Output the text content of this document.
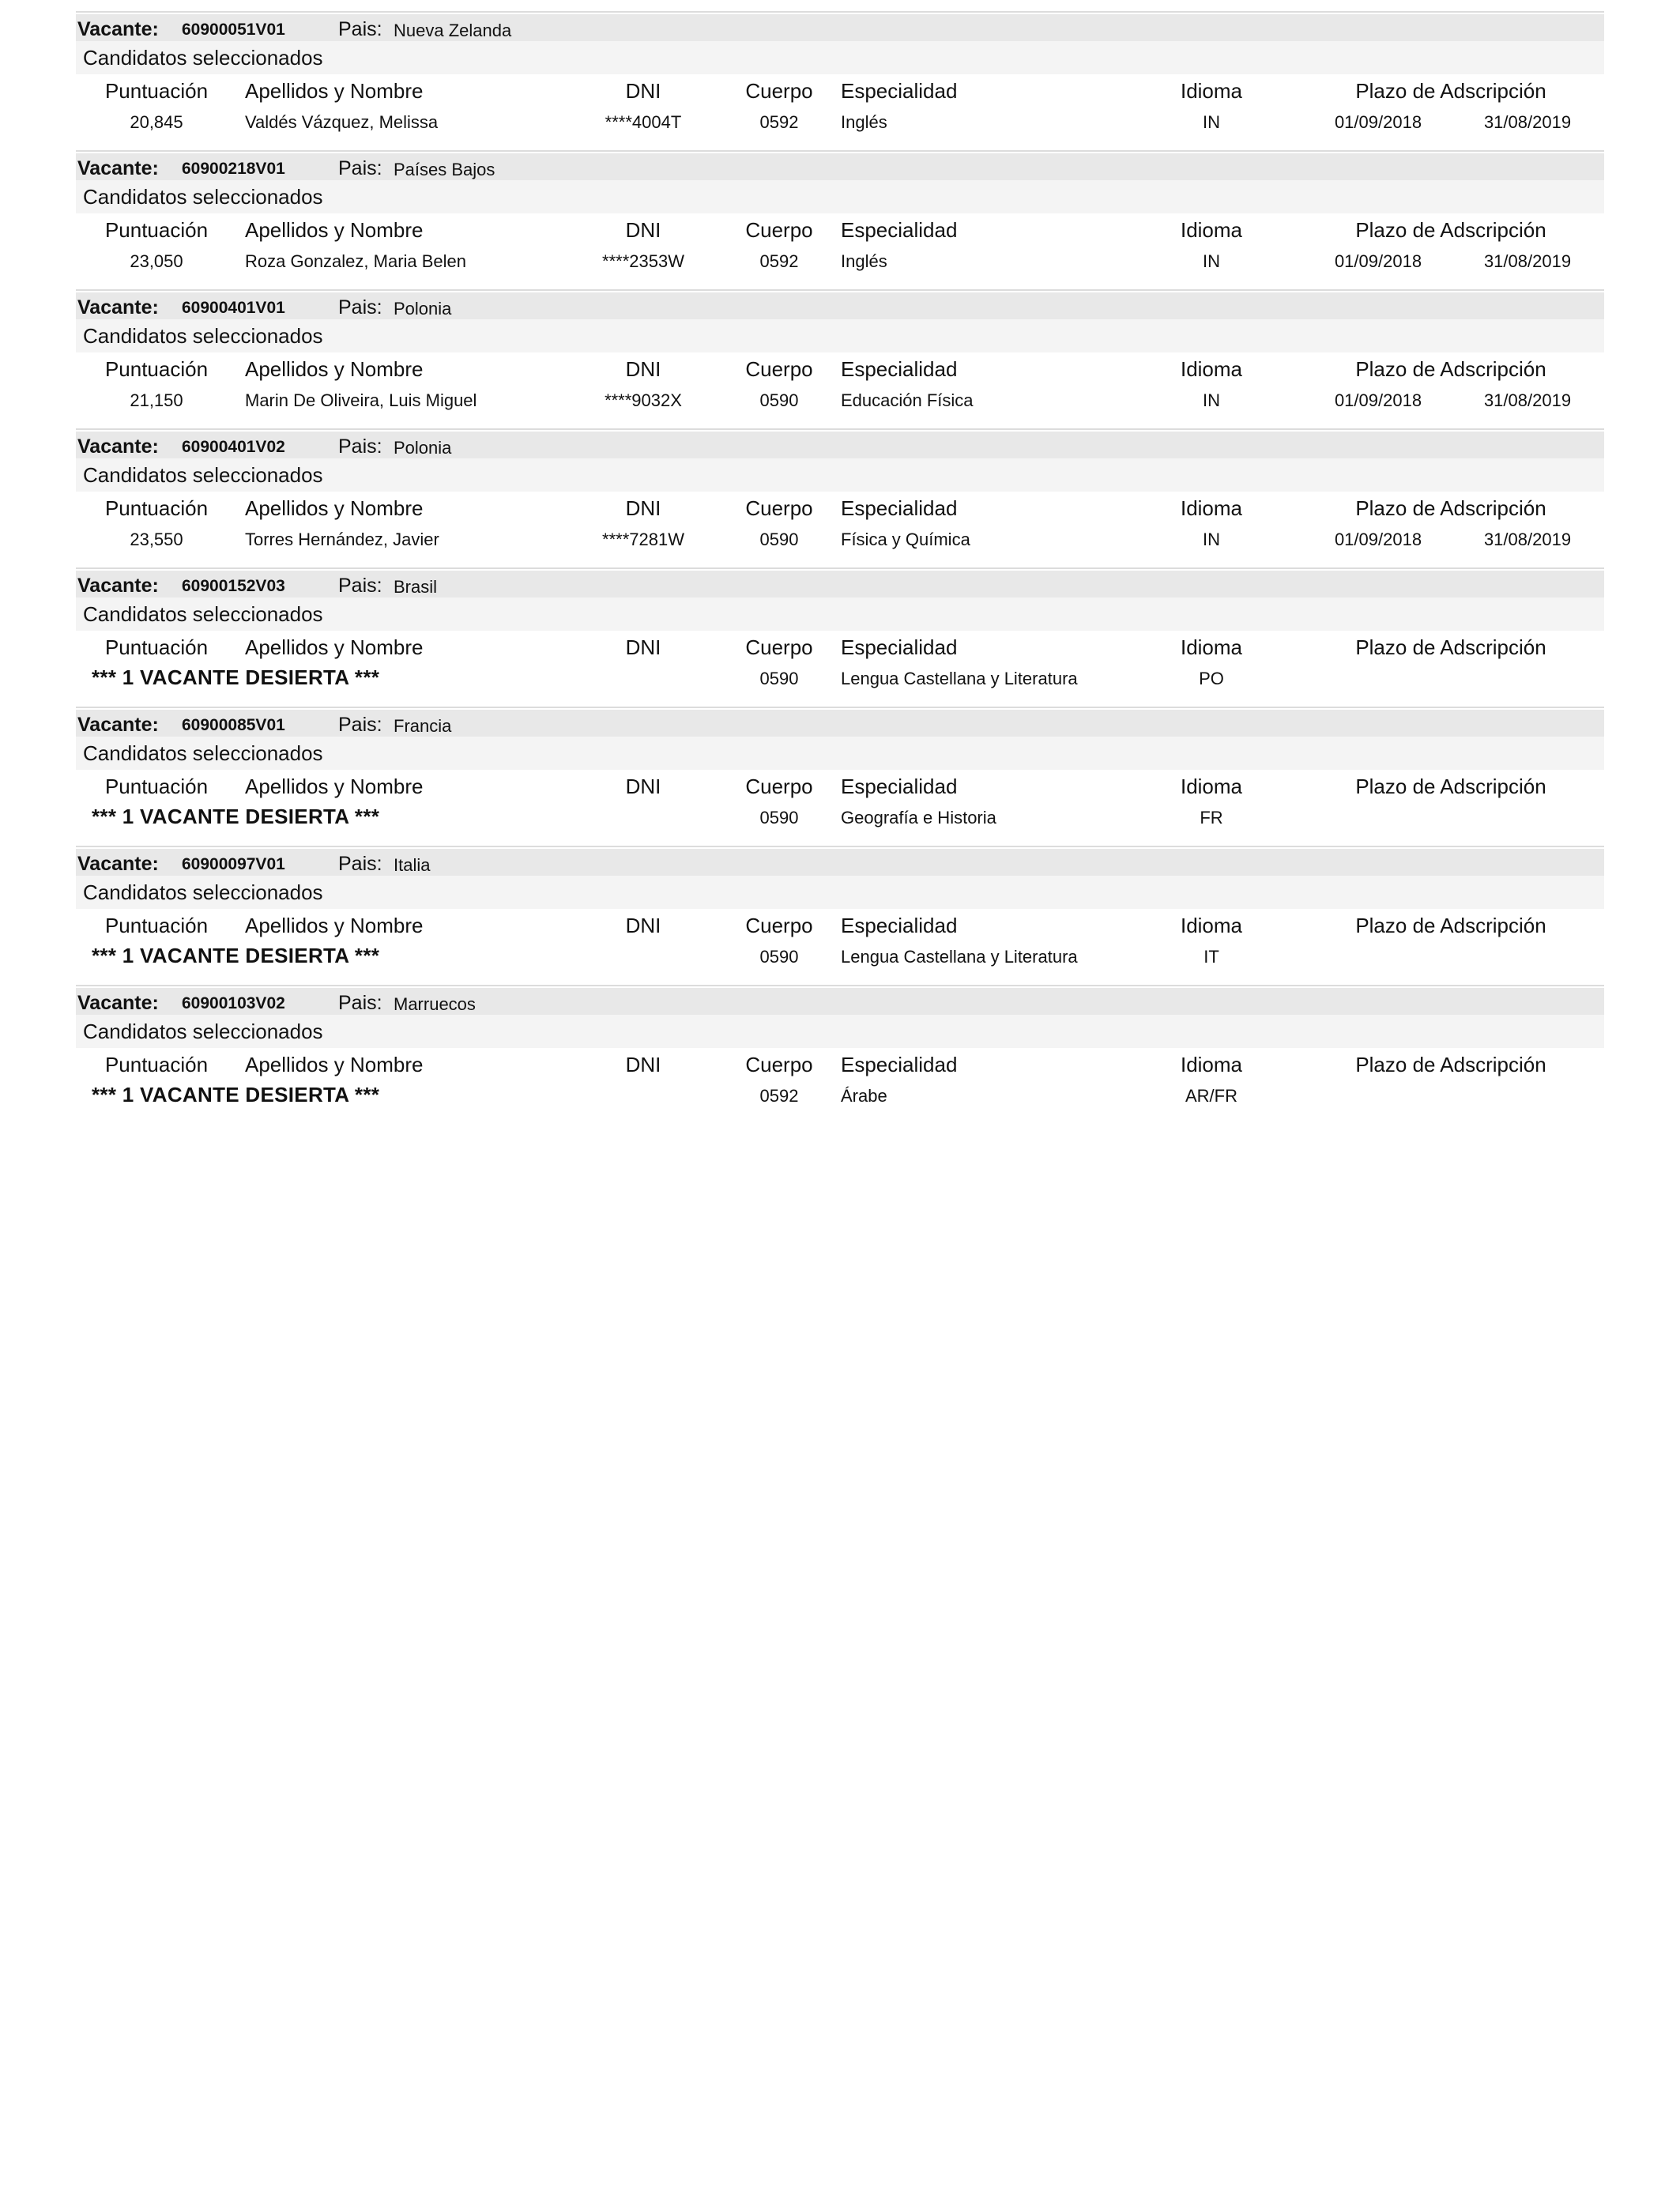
Vacante: 60900051V01	Pais: Nueva Zelanda
Candidatos seleccionados
Puntuación Apellidos y Nombre	DNI	Cuerpo Especialidad	Idioma	Plazo de Adscripción
20,845	Valdés Vázquez, Melissa	****4004T	0592 Inglés	IN	01/09/2018	31/08/2019
Vacante: 60900218V01	Pais: Países Bajos
Candidatos seleccionados
Puntuación Apellidos y Nombre	DNI	Cuerpo Especialidad	Idioma	Plazo de Adscripción
23,050	Roza Gonzalez, Maria Belen	****2353W	0592 Inglés	IN	01/09/2018	31/08/2019
Vacante: 60900401V01	Pais: Polonia
Candidatos seleccionados
Puntuación Apellidos y Nombre	DNI	Cuerpo Especialidad	Idioma	Plazo de Adscripción
21,150	Marin De Oliveira, Luis Miguel	****9032X	0590 Educación Física	IN	01/09/2018	31/08/2019
Vacante: 60900401V02	Pais: Polonia
Candidatos seleccionados
Puntuación Apellidos y Nombre	DNI	Cuerpo Especialidad	Idioma	Plazo de Adscripción
23,550	Torres Hernández, Javier	****7281W	0590 Física y Química	IN	01/09/2018	31/08/2019
Vacante: 60900152V03	Pais: Brasil
Candidatos seleccionados
Puntuación Apellidos y Nombre	DNI	Cuerpo Especialidad	Idioma	Plazo de Adscripción
*** 1 VACANTE DESIERTA ***	0590 Lengua Castellana y Literatura	PO
Vacante: 60900085V01	Pais: Francia
Candidatos seleccionados
Puntuación Apellidos y Nombre	DNI	Cuerpo Especialidad	Idioma	Plazo de Adscripción
*** 1 VACANTE DESIERTA ***	0590 Geografía e Historia	FR
Vacante: 60900097V01	Pais: Italia
Candidatos seleccionados
Puntuación Apellidos y Nombre	DNI	Cuerpo Especialidad	Idioma	Plazo de Adscripción
*** 1 VACANTE DESIERTA ***	0590 Lengua Castellana y Literatura	IT
Vacante: 60900103V02	Pais: Marruecos
Candidatos seleccionados
Puntuación Apellidos y Nombre	DNI	Cuerpo Especialidad	Idioma	Plazo de Adscripción
*** 1 VACANTE DESIERTA ***	0592 Árabe	AR/FR
